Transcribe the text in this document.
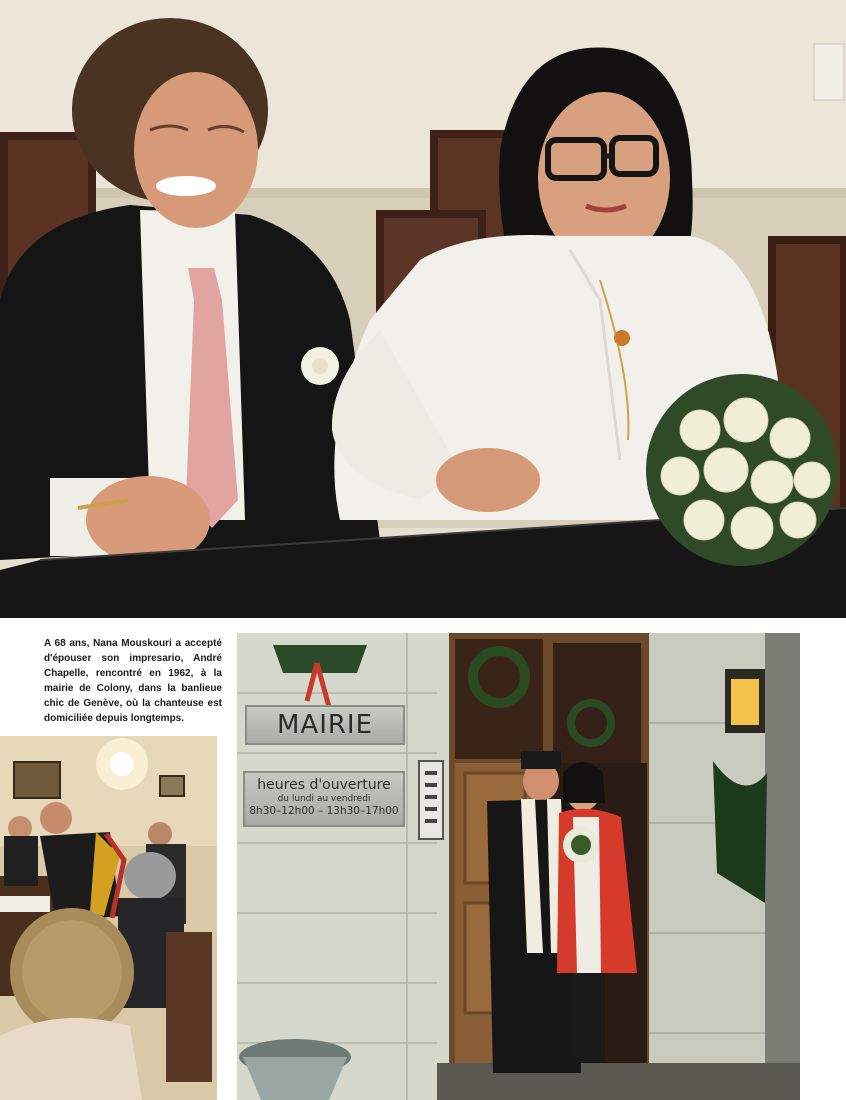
A 68 ans, Nana Mouskouri a accepté d'épouser son impresario, André Chapelle, rencontré en 1962, à la mairie de Colony, dans la banlieue chic de Genève, où la chanteuse est domiciliée depuis longtemps.	MAIRIE
heures d'ouverture
du lundi au vendredi
8h30–12h00 – 13h30–17h00
